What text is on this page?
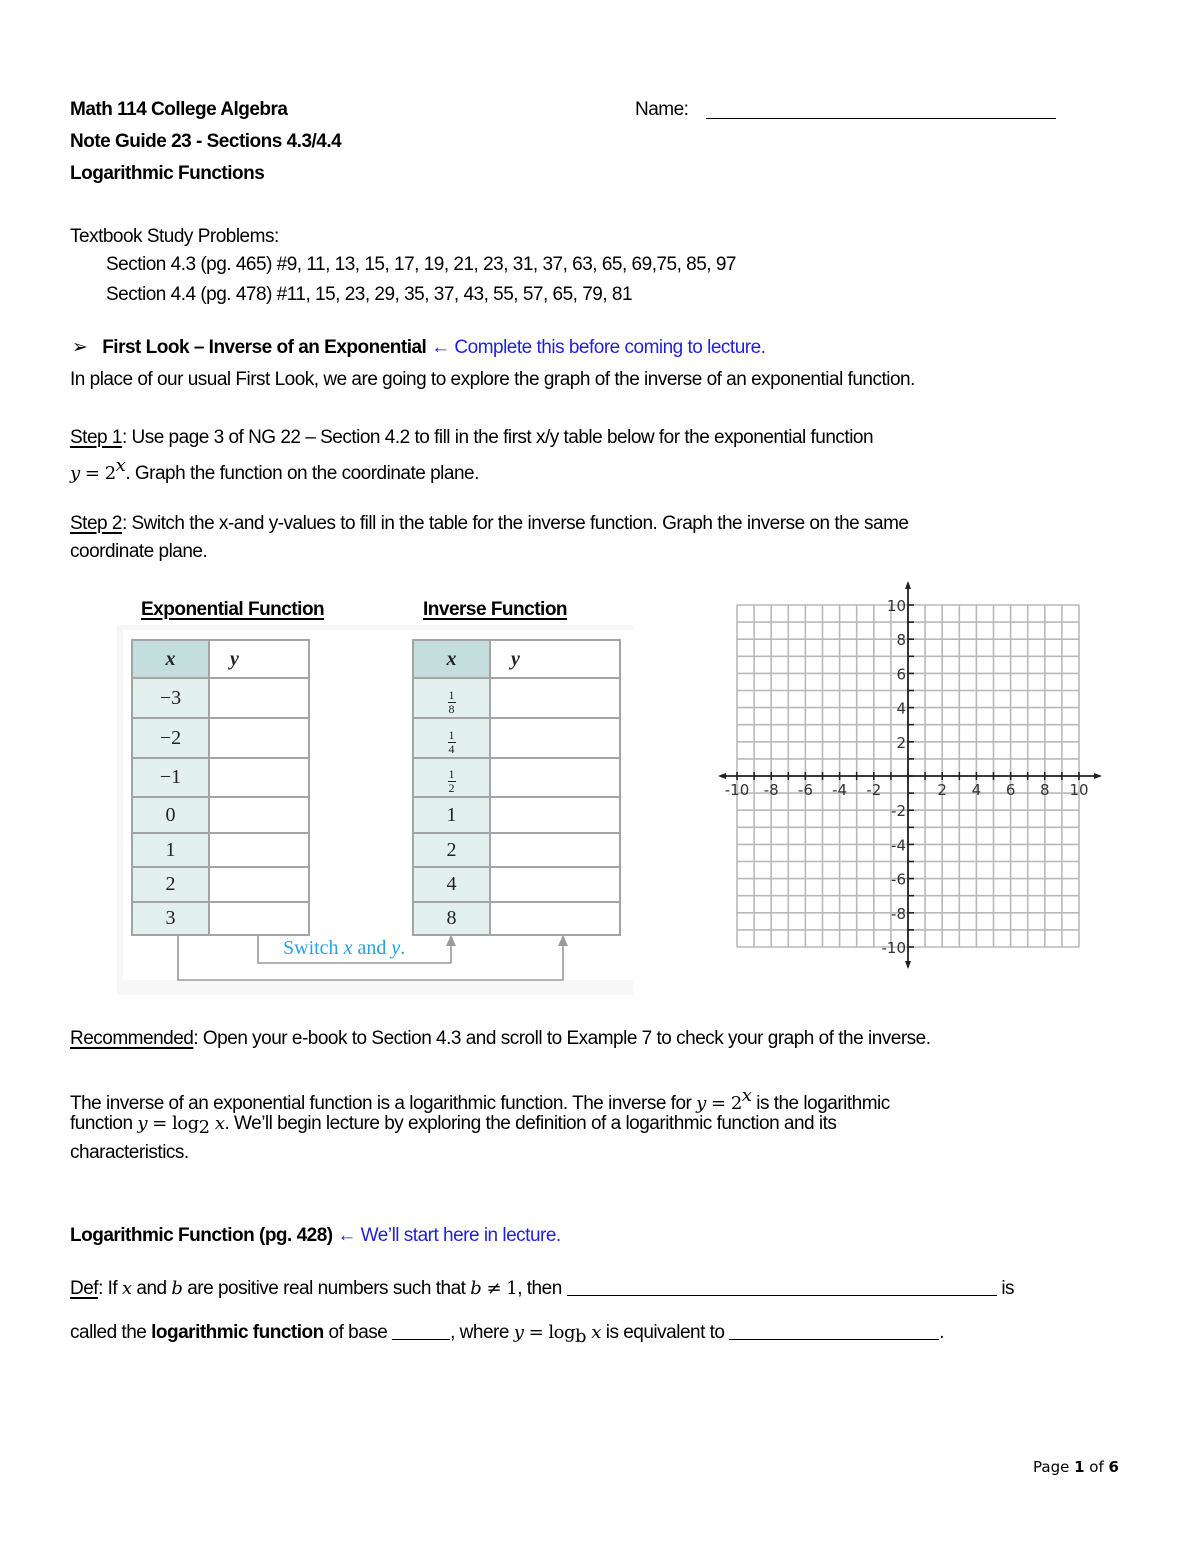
Math 114 College Algebra	Name:
Note Guide 23 - Sections 4.3/4.4
Logarithmic Functions
Textbook Study Problems:
Section 4.3 (pg. 465) #9, 11, 13, 15, 17, 19, 21, 23, 31, 37, 63, 65, 69,75, 85, 97
Section 4.4 (pg. 478) #11, 15, 23, 29, 35, 37, 43, 55, 57, 65, 79, 81
➢ First Look – Inverse of an Exponential ← Complete this before coming to lecture.
In place of our usual First Look, we are going to explore the graph of the inverse of an exponential function.
Step 1: Use page 3 of NG 22 – Section 4.2 to fill in the first x/y table below for the exponential function
$y = 2^x$. Graph the function on the coordinate plane.
Step 2: Switch the x-and y-values to fill in the table for the inverse function. Graph the inverse on the same
coordinate plane.
Exponential Function	Inverse Function
x	y
−3	
−2	
−1	
0	
1	
2	
3	
x	y

$\frac{1}{8}$

$\frac{1}{4}$

$\frac{1}{2}$

1	
2	
4	
8	
Switch x and y.
-10 -8 -6 -4 -2	2 4 6 8 10
10
8
6
4
2
-2
-4
-6
-8
-10
Recommended: Open your e-book to Section 4.3 and scroll to Example 7 to check your graph of the inverse.
The inverse of an exponential function is a logarithmic function. The inverse for $y = 2^x$ is the logarithmic
function $y = \log_2 x$. We’ll begin lecture by exploring the definition of a logarithmic function and its
characteristics.
Logarithmic Function (pg. 428) ← We’ll start here in lecture.
Def: If x and b are positive real numbers such that b ≠ 1, then	is
called the logarithmic function of base	, where $y = \log_b x$ is equivalent to	.
Page 1 of 6
